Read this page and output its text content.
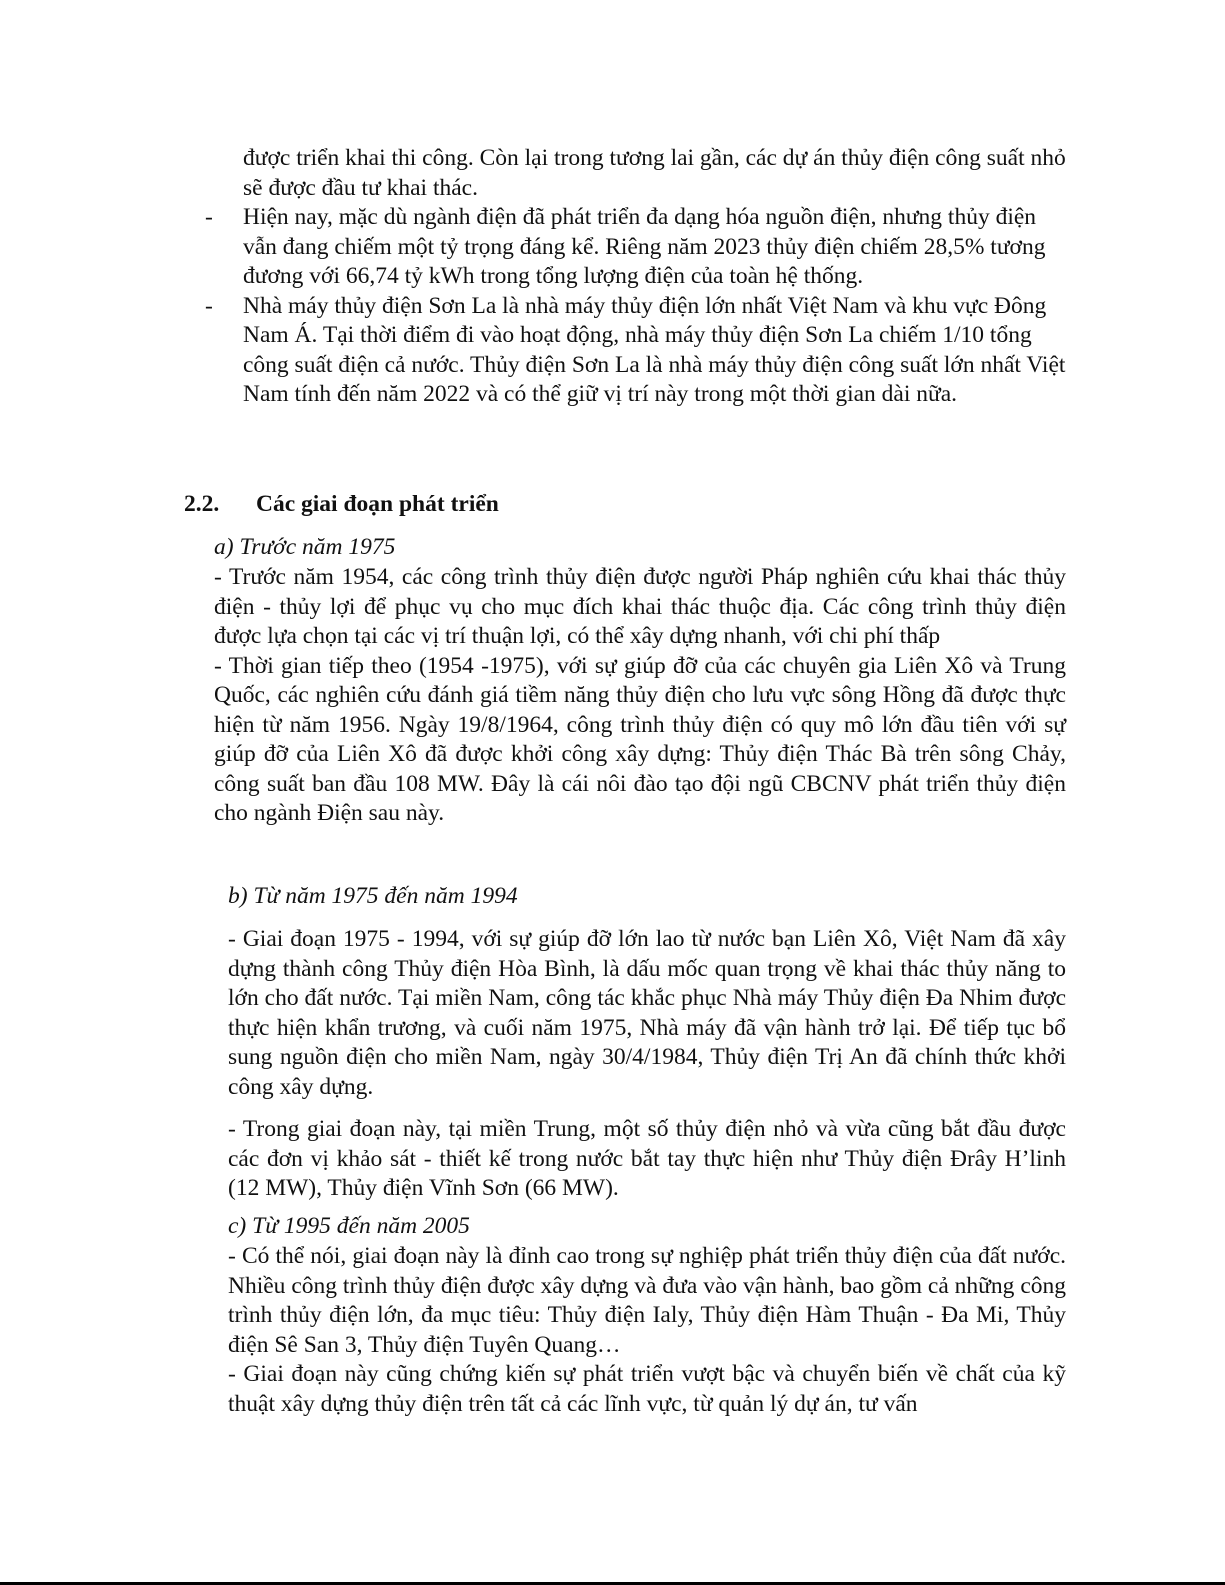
được triển khai thi công. Còn lại trong tương lai gần, các dự án thủy điện công suất nhỏ sẽ được đầu tư khai thác.
- Hiện nay, mặc dù ngành điện đã phát triển đa dạng hóa nguồn điện, nhưng thủy điện vẫn đang chiếm một tỷ trọng đáng kể. Riêng năm 2023 thủy điện chiếm 28,5% tương đương với 66,74 tỷ kWh trong tổng lượng điện của toàn hệ thống.
- Nhà máy thủy điện Sơn La là nhà máy thủy điện lớn nhất Việt Nam và khu vực Đông Nam Á. Tại thời điểm đi vào hoạt động, nhà máy thủy điện Sơn La chiếm 1/10 tổng công suất điện cả nước. Thủy điện Sơn La là nhà máy thủy điện công suất lớn nhất Việt Nam tính đến năm 2022 và có thể giữ vị trí này trong một thời gian dài nữa.
2.2. Các giai đoạn phát triển
a) Trước năm 1975

- Trước năm 1954, các công trình thủy điện được người Pháp nghiên cứu khai thác thủy điện - thủy lợi để phục vụ cho mục đích khai thác thuộc địa. Các công trình thủy điện được lựa chọn tại các vị trí thuận lợi, có thể xây dựng nhanh, với chi phí thấp

- Thời gian tiếp theo (1954 -1975), với sự giúp đỡ của các chuyên gia Liên Xô và Trung Quốc, các nghiên cứu đánh giá tiềm năng thủy điện cho lưu vực sông Hồng đã được thực hiện từ năm 1956. Ngày 19/8/1964, công trình thủy điện có quy mô lớn đầu tiên với sự giúp đỡ của Liên Xô đã được khởi công xây dựng: Thủy điện Thác Bà trên sông Chảy, công suất ban đầu 108 MW. Đây là cái nôi đào tạo đội ngũ CBCNV phát triển thủy điện cho ngành Điện sau này.

b) Từ năm 1975 đến năm 1994

- Giai đoạn 1975 - 1994, với sự giúp đỡ lớn lao từ nước bạn Liên Xô, Việt Nam đã xây dựng thành công Thủy điện Hòa Bình, là dấu mốc quan trọng về khai thác thủy năng to lớn cho đất nước. Tại miền Nam, công tác khắc phục Nhà máy Thủy điện Đa Nhim được thực hiện khẩn trương, và cuối năm 1975, Nhà máy đã vận hành trở lại. Để tiếp tục bổ sung nguồn điện cho miền Nam, ngày 30/4/1984, Thủy điện Trị An đã chính thức khởi công xây dựng.

- Trong giai đoạn này, tại miền Trung, một số thủy điện nhỏ và vừa cũng bắt đầu được các đơn vị khảo sát - thiết kế trong nước bắt tay thực hiện như Thủy điện Đrây H’linh (12 MW), Thủy điện Vĩnh Sơn (66 MW).

c) Từ 1995 đến năm 2005

- Có thể nói, giai đoạn này là đỉnh cao trong sự nghiệp phát triển thủy điện của đất nước. Nhiều công trình thủy điện được xây dựng và đưa vào vận hành, bao gồm cả những công trình thủy điện lớn, đa mục tiêu: Thủy điện Ialy, Thủy điện Hàm Thuận - Đa Mi, Thủy điện Sê San 3, Thủy điện Tuyên Quang…

- Giai đoạn này cũng chứng kiến sự phát triển vượt bậc và chuyển biến về chất của kỹ thuật xây dựng thủy điện trên tất cả các lĩnh vực, từ quản lý dự án, tư vấn
